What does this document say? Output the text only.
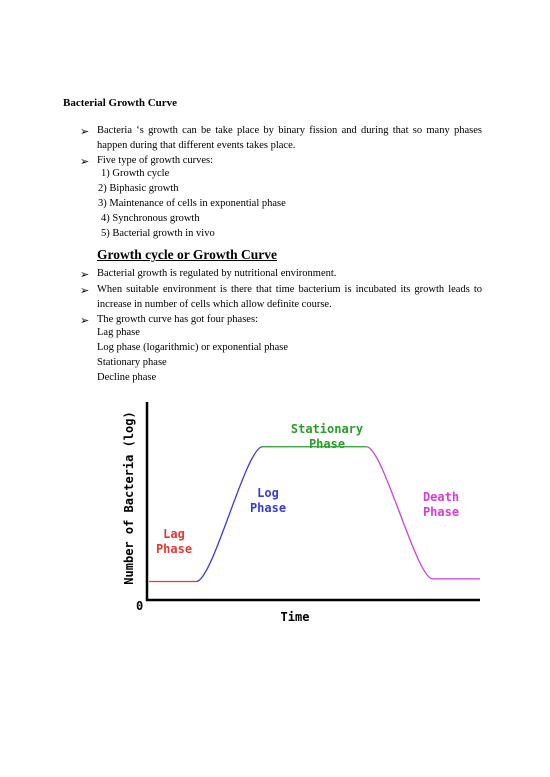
Bacterial Growth Curve
➢ Bacteria ‘s growth can be take place by binary fission and during that so many phases
happen during that different events takes place.
➢ Five type of growth curves:
1) Growth cycle
2) Biphasic growth
3) Maintenance of cells in exponential phase
4) Synchronous growth
5) Bacterial growth in vivo
Growth cycle or Growth Curve
➢ Bacterial growth is regulated by nutritional environment.
➢ When suitable environment is there that time bacterium is incubated its growth leads to
increase in number of cells which allow definite course.
➢ The growth curve has got four phases:
Lag phase
Log phase (logarithmic) or exponential phase
Stationary phase
Decline phase
0
Time
Number of Bacteria (log) Lag
Phase
Log
Phase
Stationary
Phase
Death
Phase
